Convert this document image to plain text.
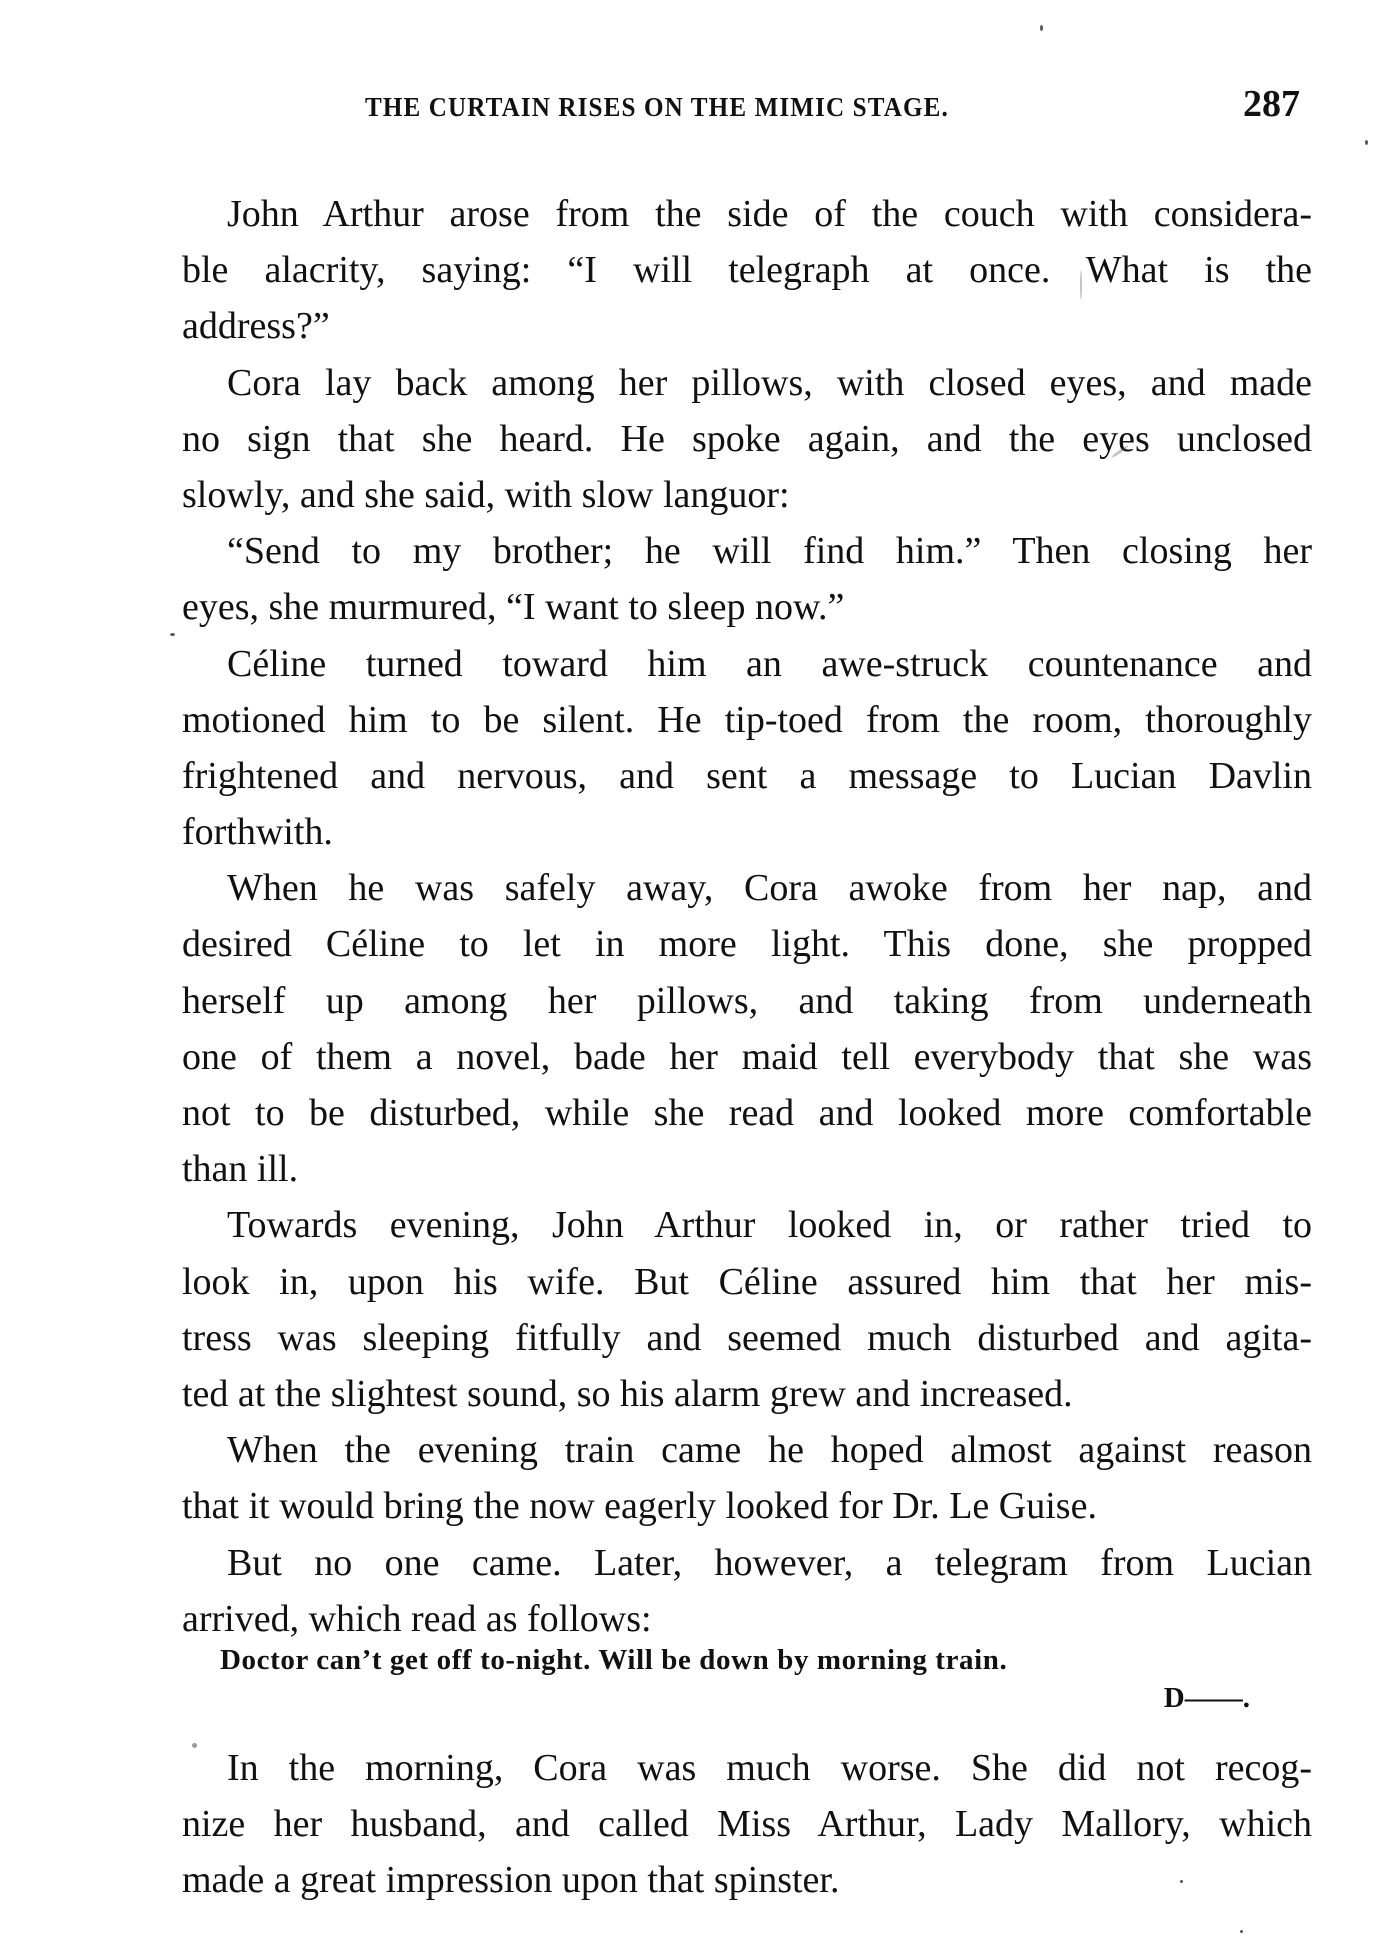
THE CURTAIN RISES ON THE MIMIC STAGE.	287
John Arthur arose from the side of the couch with considera-
ble alacrity, saying: “I will telegraph at once. What is the
address?”
Cora lay back among her pillows, with closed eyes, and made
no sign that she heard. He spoke again, and the eyes unclosed
slowly, and she said, with slow languor:
“Send to my brother; he will find him.” Then closing her
eyes, she murmured, “I want to sleep now.”
Céline turned toward him an awe-struck countenance and
motioned him to be silent. He tip-toed from the room, thoroughly
frightened and nervous, and sent a message to Lucian Davlin
forthwith.
When he was safely away, Cora awoke from her nap, and
desired Céline to let in more light. This done, she propped
herself up among her pillows, and taking from underneath
one of them a novel, bade her maid tell everybody that she was
not to be disturbed, while she read and looked more comfortable
than ill.
Towards evening, John Arthur looked in, or rather tried to
look in, upon his wife. But Céline assured him that her mis-
tress was sleeping fitfully and seemed much disturbed and agita-
ted at the slightest sound, so his alarm grew and increased.
When the evening train came he hoped almost against reason
that it would bring the now eagerly looked for Dr. Le Guise.
But no one came. Later, however, a telegram from Lucian
arrived, which read as follows:
Doctor can’t get off to-night. Will be down by morning train.
D——.
In the morning, Cora was much worse. She did not recog-
nize her husband, and called Miss Arthur, Lady Mallory, which
made a great impression upon that spinster.
